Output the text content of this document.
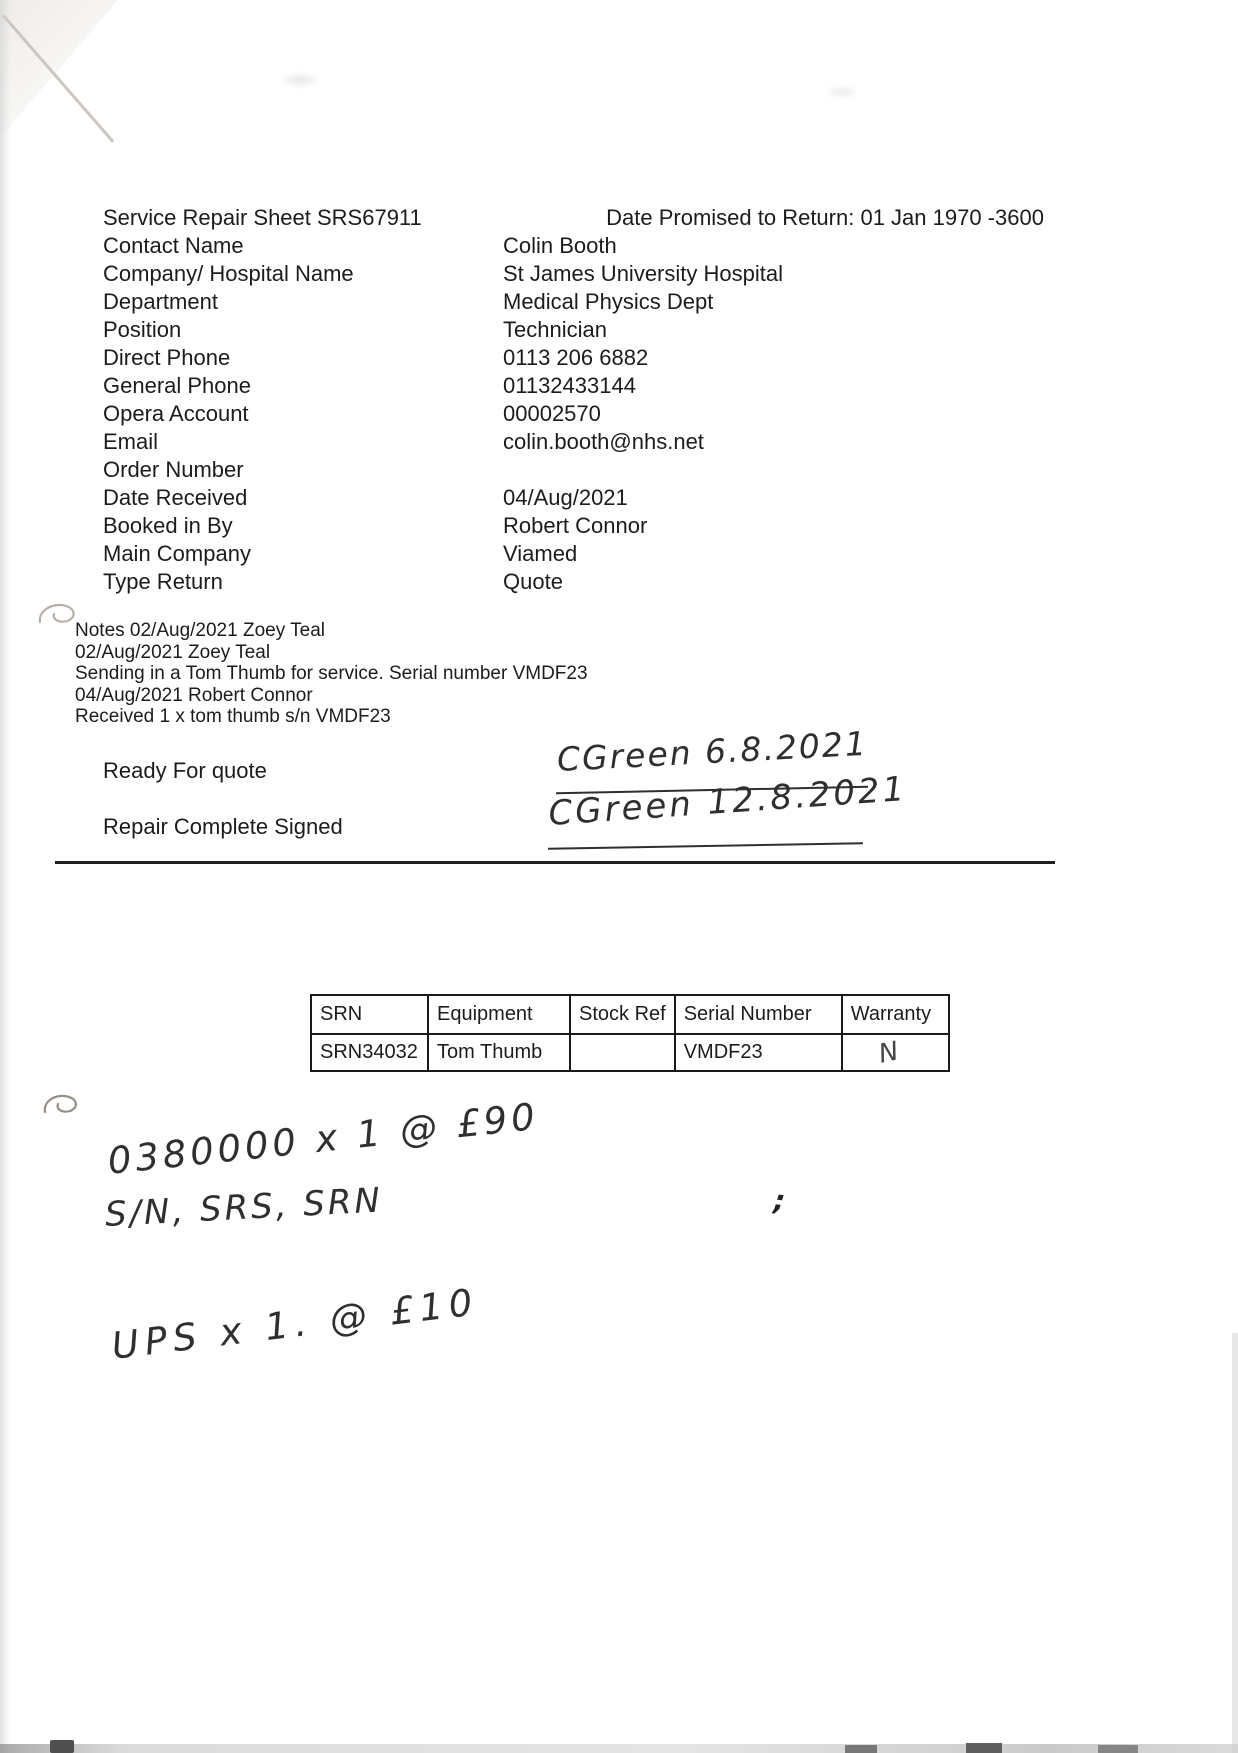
Service Repair Sheet SRS67911	Date Promised to Return: 01 Jan 1970 -3600
Contact Name	Colin Booth
Company/ Hospital Name	St James University Hospital
Department	Medical Physics Dept
Position	Technician
Direct Phone	0113 206 6882
General Phone	01132433144
Opera Account	00002570
Email	colin.booth@nhs.net
Order Number
Date Received	04/Aug/2021
Booked in By	Robert Connor
Main Company	Viamed
Type Return	Quote
Notes 02/Aug/2021 Zoey Teal
02/Aug/2021 Zoey Teal
Sending in a Tom Thumb for service. Serial number VMDF23
04/Aug/2021 Robert Connor
Received 1 x tom thumb s/n VMDF23
Ready For quote	CGreen 6.8.2021
Repair Complete Signed	CGreen 12.8.2021
SRN	Equipment	Stock Ref	Serial Number	Warranty
SRN34032	Tom Thumb		VMDF23	N
0380000 x 1 @ £90
S/N, SRS, SRN
UPS x 1. @ £10
;
